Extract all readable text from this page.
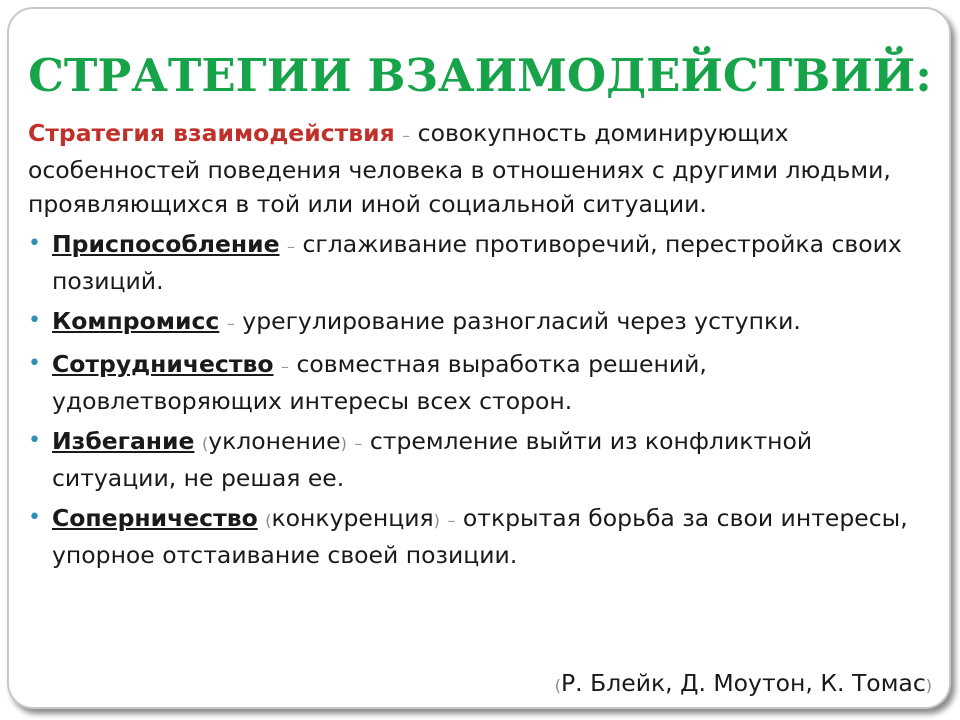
СТРАТЕГИИ ВЗАИМОДЕЙСТВИЙ:

Стратегия взаимодействия – совокупность доминирующих особенностей поведения человека в отношениях с другими людьми, проявляющихся в той или иной социальной ситуации.

• Приспособление – сглаживание противоречий, перестройка своих позиций.
• Компромисс – урегулирование разногласий через уступки.
• Сотрудничество – совместная выработка решений, удовлетворяющих интересы всех сторон.
• Избегание (уклонение) – стремление выйти из конфликтной ситуации, не решая ее.
• Соперничество (конкуренция) – открытая борьба за свои интересы, упорное отстаивание своей позиции.
(Р. Блейк, Д. Моутон, К. Томас)
